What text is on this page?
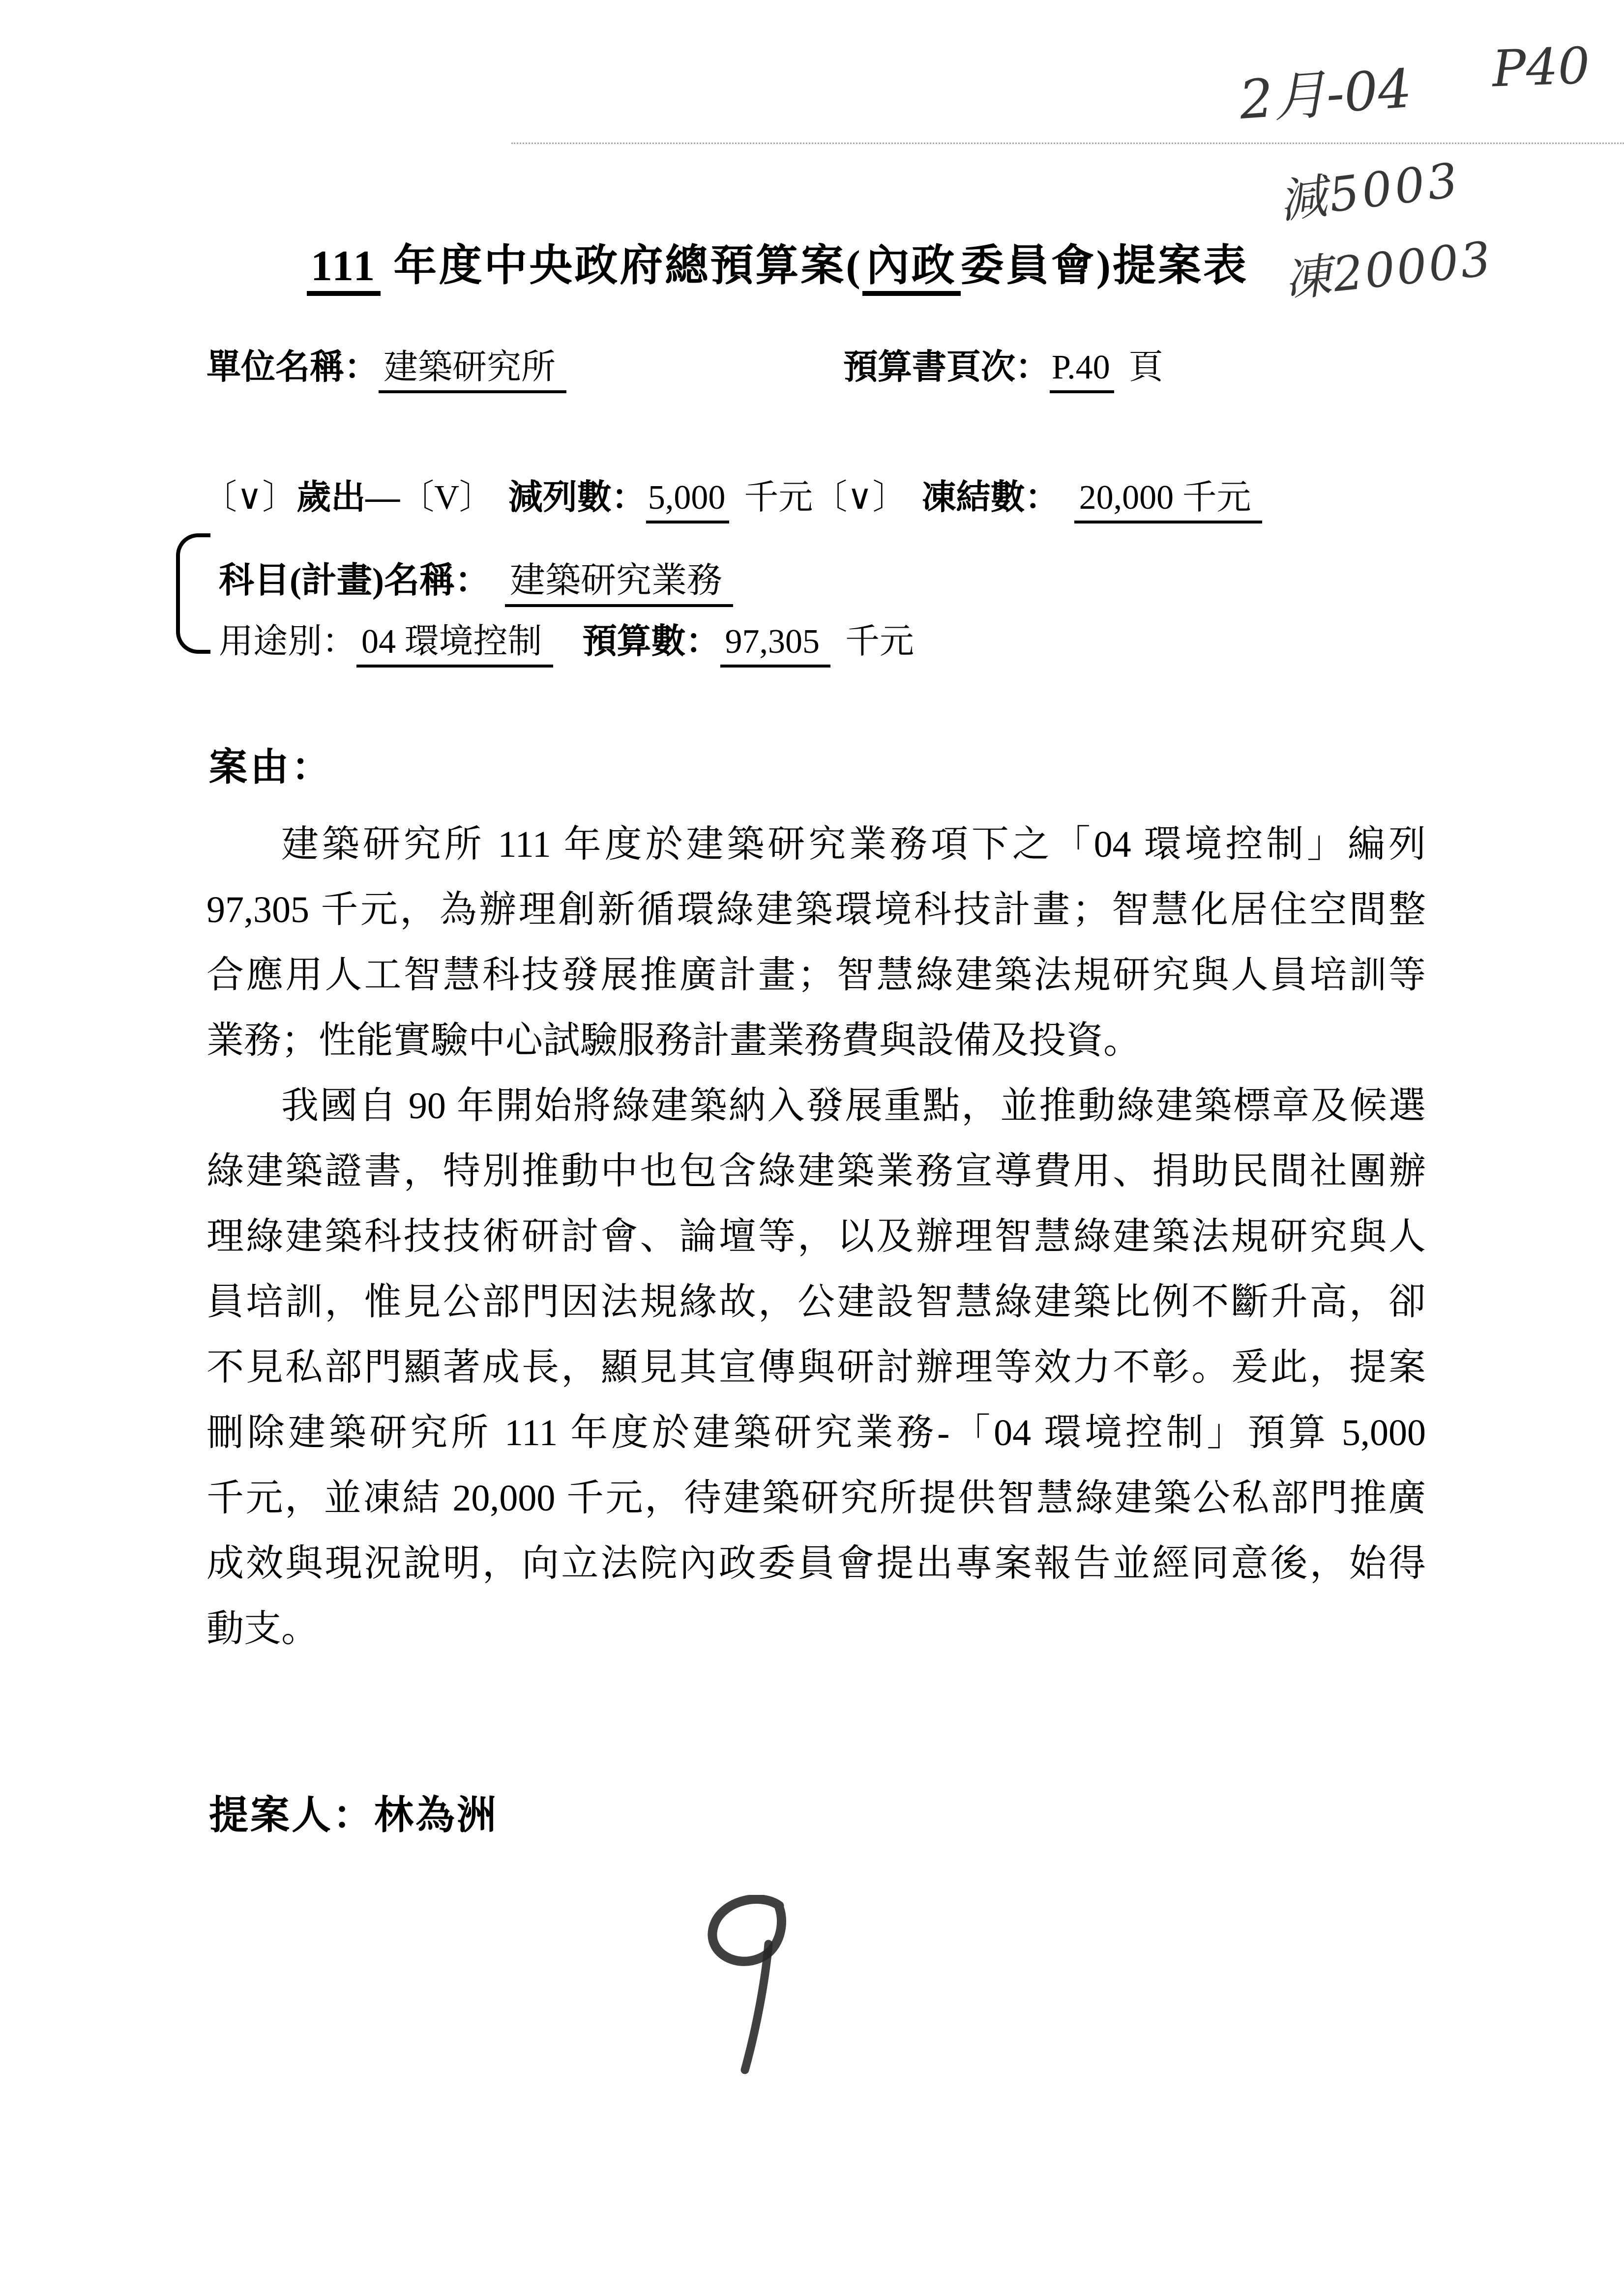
2月-04 P40
減5003
凍20003
111 年度中央政府總預算案(內政委員會)提案表
單位名稱： 建築研究所	預算書頁次：P.40 頁
〔∨〕歲出—〔V〕 減列數：5,000 千元〔∨〕 凍結數： 20,000 千元
科目(計畫)名稱： 建築研究業務
用途別： 04 環境控制 預算數： 97,305 千元
案由：
建築研究所 111 年度於建築研究業務項下之「04 環境控制」編列
97,305 千元，為辦理創新循環綠建築環境科技計畫；智慧化居住空間整
合應用人工智慧科技發展推廣計畫；智慧綠建築法規研究與人員培訓等
業務；性能實驗中心試驗服務計畫業務費與設備及投資。
我國自 90 年開始將綠建築納入發展重點，並推動綠建築標章及候選
綠建築證書，特別推動中也包含綠建築業務宣導費用、捐助民間社團辦
理綠建築科技技術研討會、論壇等，以及辦理智慧綠建築法規研究與人
員培訓，惟見公部門因法規緣故，公建設智慧綠建築比例不斷升高，卻
不見私部門顯著成長，顯見其宣傳與研討辦理等效力不彰。爰此，提案
刪除建築研究所 111 年度於建築研究業務-「04 環境控制」預算 5,000
千元，並凍結 20,000 千元，待建築研究所提供智慧綠建築公私部門推廣
成效與現況說明，向立法院內政委員會提出專案報告並經同意後，始得
動支。
提案人：林為洲
